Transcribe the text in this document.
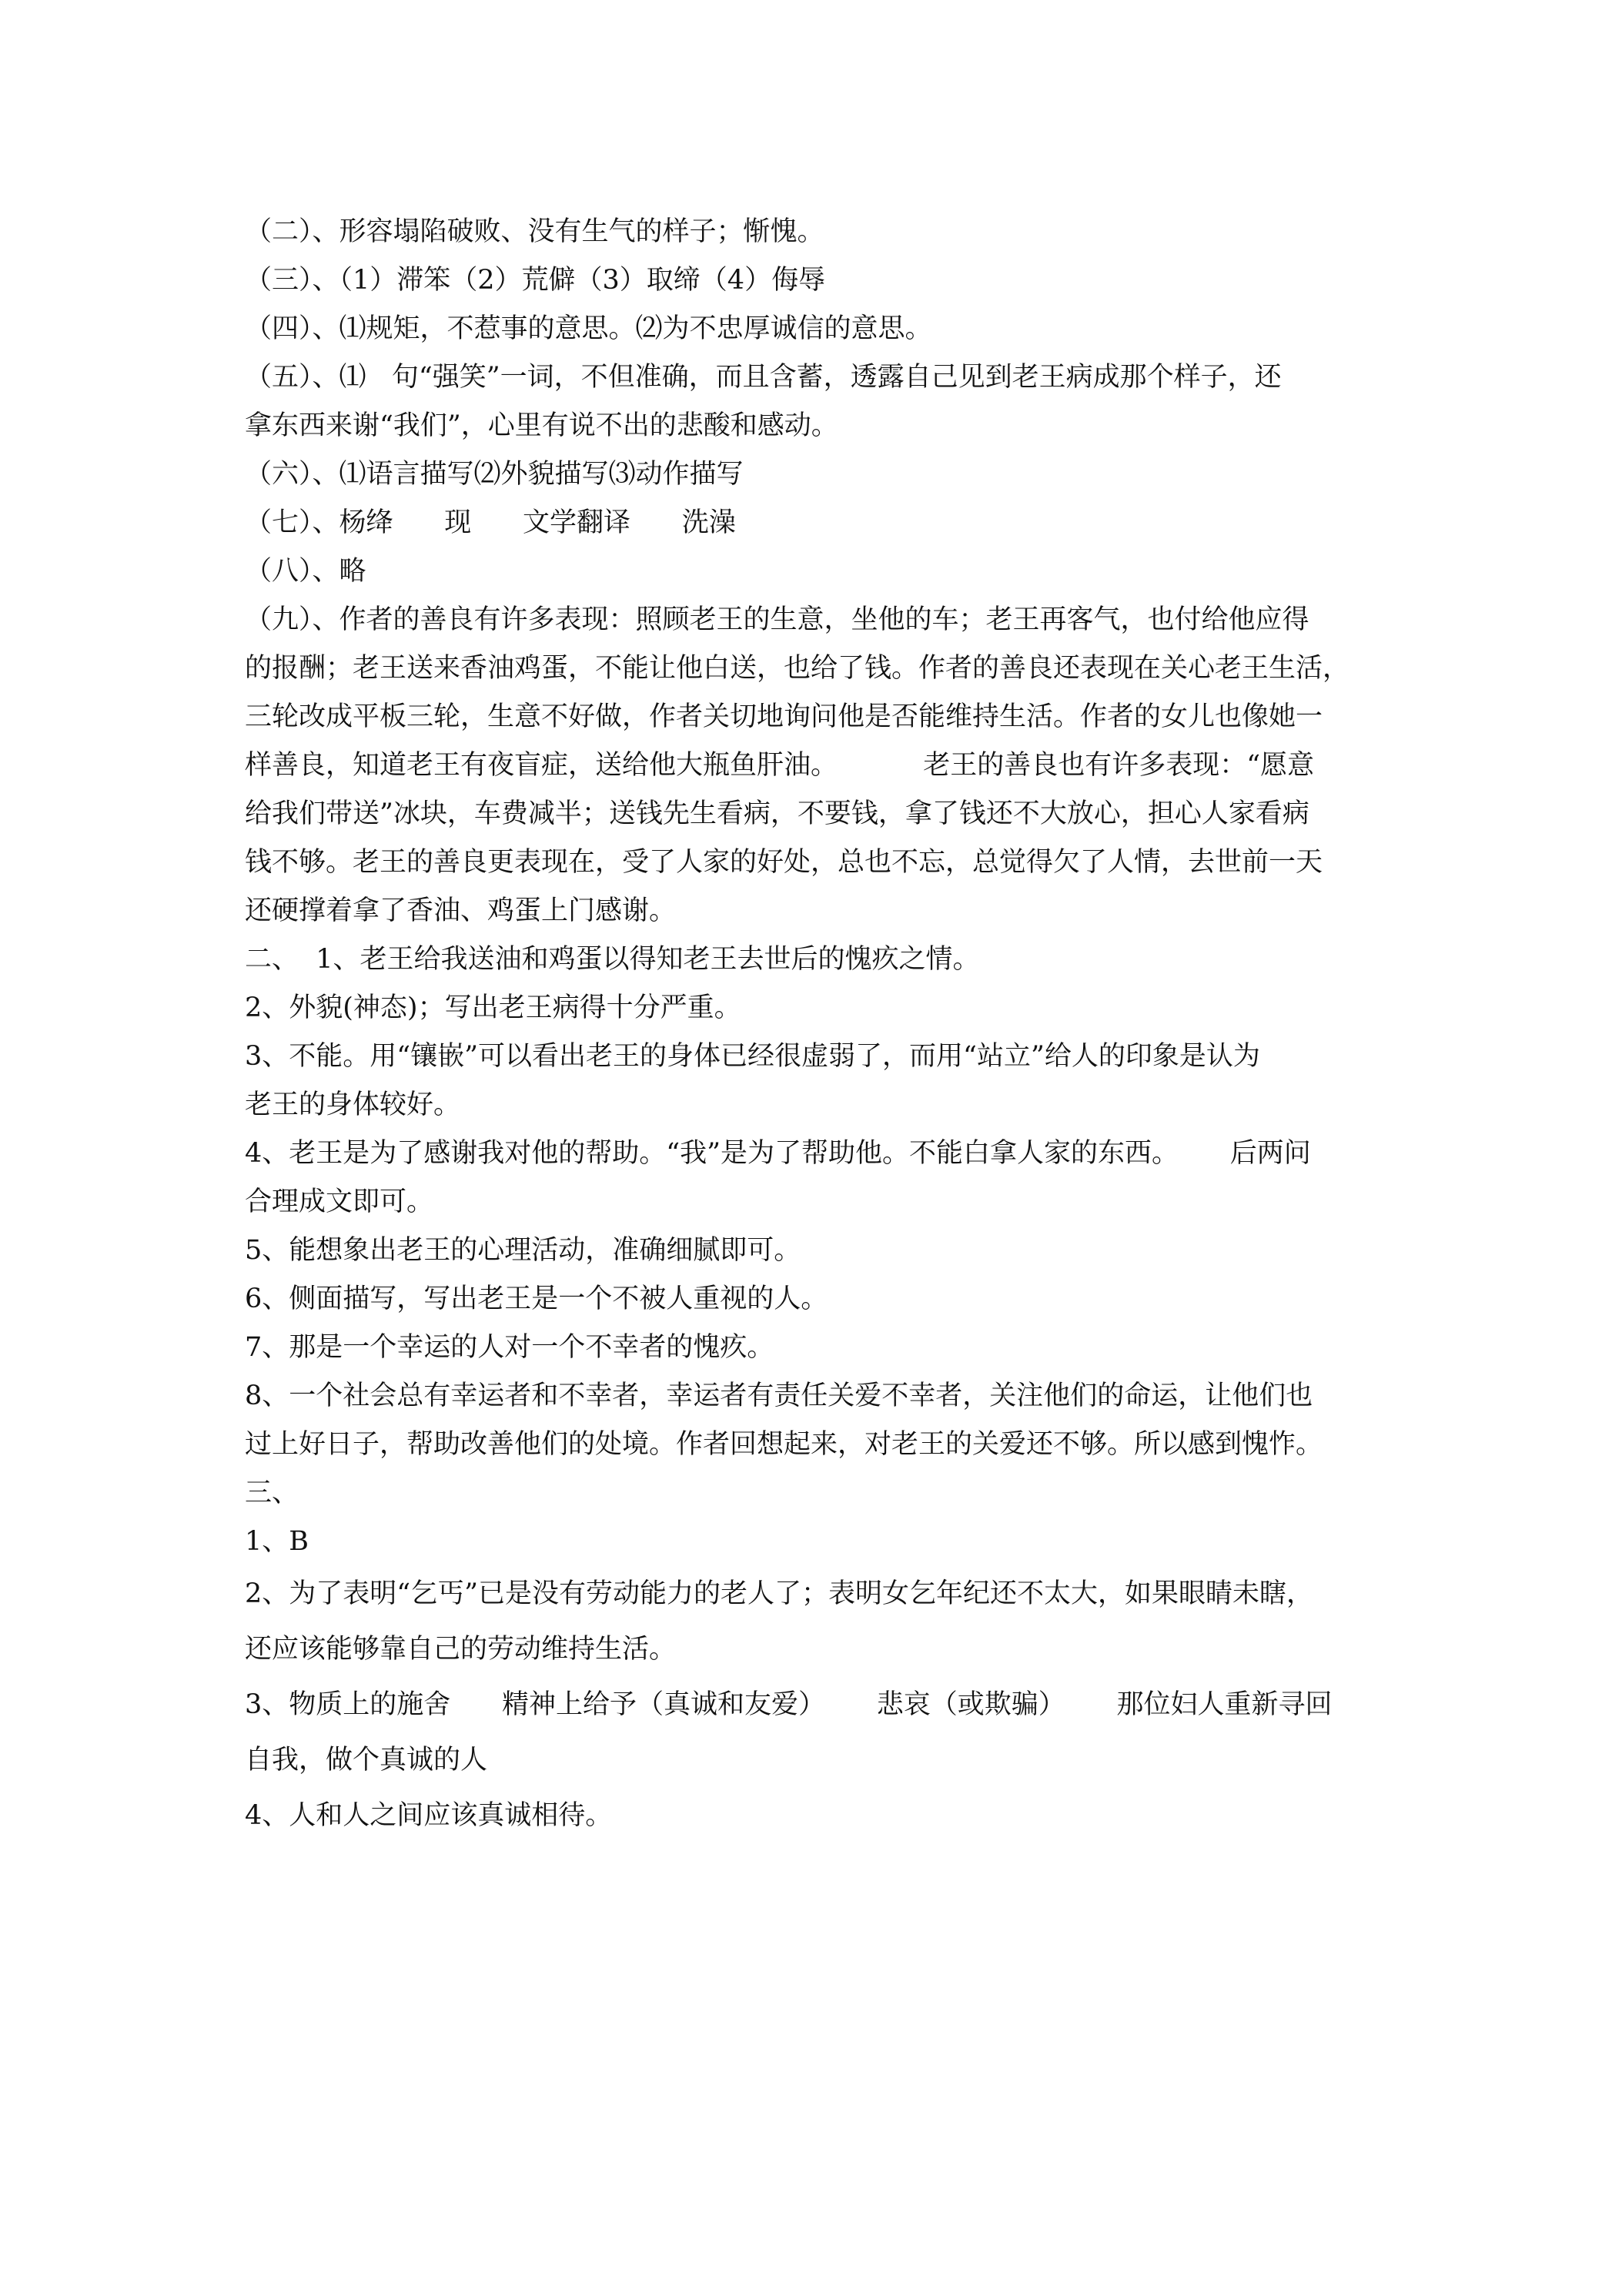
（二）、形容塌陷破败、没有生气的样子；惭愧。

（三）、（1）滞笨（2）荒僻（3）取缔（4）侮辱

（四）、⑴规矩，不惹事的意思。⑵为不忠厚诚信的意思。

（五）、⑴   句“强笑”一词，不但准确，而且含蓄，透露自己见到老王病成那个样子，还

拿东西来谢“我们”，心里有说不出的悲酸和感动。

（六）、⑴语言描写⑵外貌描写⑶动作描写

（七）、杨绛      现      文学翻译      洗澡

（八）、略

（九）、作者的善良有许多表现：照顾老王的生意，坐他的车；老王再客气，也付给他应得

的报酬；老王送来香油鸡蛋，不能让他白送，也给了钱。作者的善良还表现在关心老王生活，

三轮改成平板三轮，生意不好做，作者关切地询问他是否能维持生活。作者的女儿也像她一

样善良，知道老王有夜盲症，送给他大瓶鱼肝油。          老王的善良也有许多表现：“愿意

给我们带送”冰块，车费减半；送钱先生看病，不要钱，拿了钱还不大放心，担心人家看病

钱不够。老王的善良更表现在，受了人家的好处，总也不忘，总觉得欠了人情，去世前一天

还硬撑着拿了香油、鸡蛋上门感谢。

二、  1、老王给我送油和鸡蛋以得知老王去世后的愧疚之情。

2、外貌(神态)；写出老王病得十分严重。

3、不能。用“镶嵌”可以看出老王的身体已经很虚弱了，而用“站立”给人的印象是认为

老王的身体较好。

4、老王是为了感谢我对他的帮助。“我”是为了帮助他。不能白拿人家的东西。      后两问

合理成文即可。

5、能想象出老王的心理活动，准确细腻即可。

6、侧面描写，写出老王是一个不被人重视的人。

7、那是一个幸运的人对一个不幸者的愧疚。

8、一个社会总有幸运者和不幸者，幸运者有责任关爱不幸者，关注他们的命运，让他们也

过上好日子，帮助改善他们的处境。作者回想起来，对老王的关爱还不够。所以感到愧怍。

三、

1、B

2、为了表明“乞丐”已是没有劳动能力的老人了；表明女乞年纪还不太大，如果眼睛未瞎，

还应该能够靠自己的劳动维持生活。

3、物质上的施舍      精神上给予（真诚和友爱）      悲哀（或欺骗）      那位妇人重新寻回

自我，做个真诚的人

4、人和人之间应该真诚相待。
